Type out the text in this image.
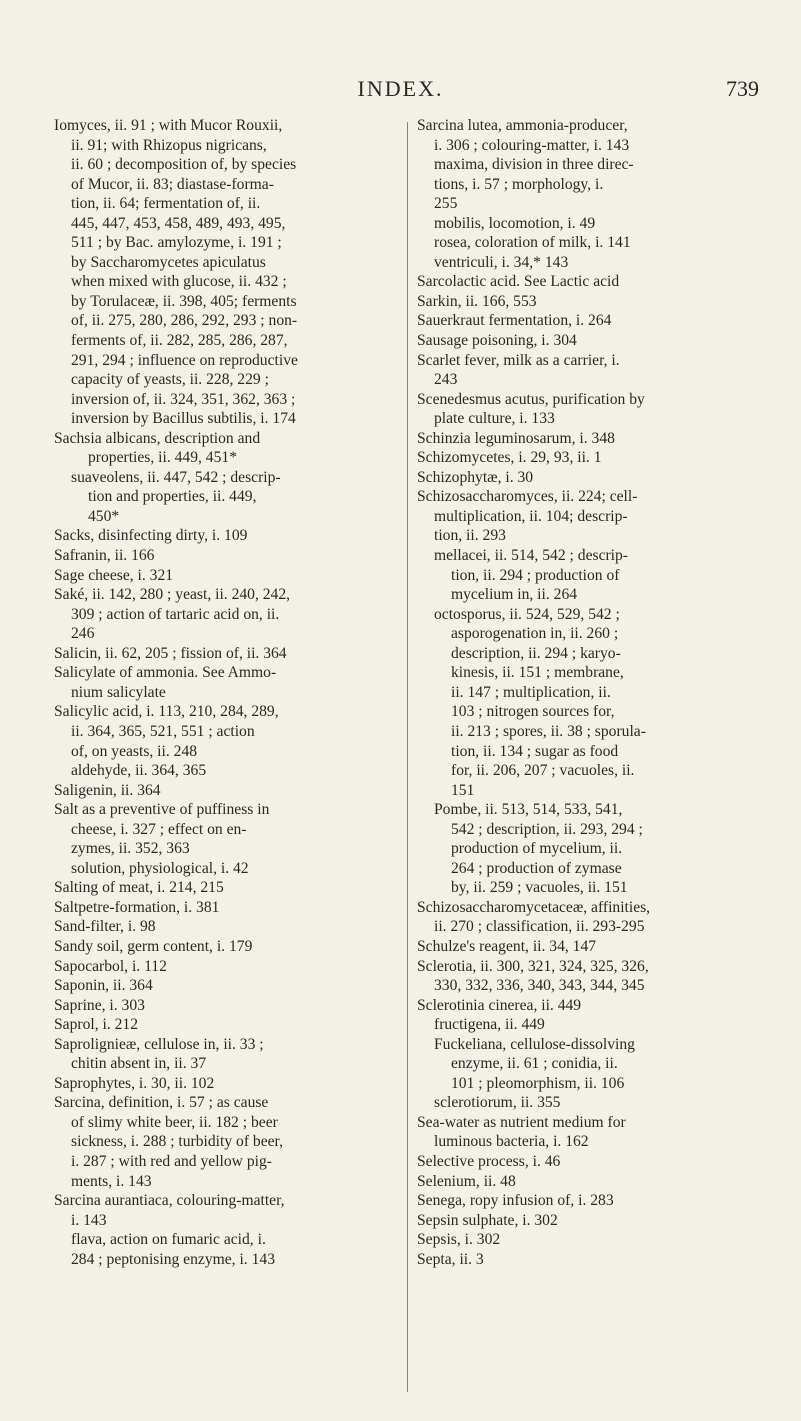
INDEX.	739
Iomyces, ii. 91 ; with Mucor Rouxii,
ii. 91; with Rhizopus nigricans,
ii. 60 ; decomposition of, by species
of Mucor, ii. 83; diastase-forma-
tion, ii. 64; fermentation of, ii.
445, 447, 453, 458, 489, 493, 495,
511 ; by Bac. amylozyme, i. 191 ;
by Saccharomycetes apiculatus
when mixed with glucose, ii. 432 ;
by Torulaceæ, ii. 398, 405; ferments
of, ii. 275, 280, 286, 292, 293 ; non-
ferments of, ii. 282, 285, 286, 287,
291, 294 ; influence on reproductive
capacity of yeasts, ii. 228, 229 ;
inversion of, ii. 324, 351, 362, 363 ;
inversion by Bacillus subtilis, i. 174
Sachsia albicans, description and
properties, ii. 449, 451*
suaveolens, ii. 447, 542 ; descrip-
tion and properties, ii. 449,
450*
Sacks, disinfecting dirty, i. 109
Safranin, ii. 166
Sage cheese, i. 321
Saké, ii. 142, 280 ; yeast, ii. 240, 242,
309 ; action of tartaric acid on, ii.
246
Salicin, ii. 62, 205 ; fission of, ii. 364
Salicylate of ammonia. See Ammo-
nium salicylate
Salicylic acid, i. 113, 210, 284, 289,
ii. 364, 365, 521, 551 ; action
of, on yeasts, ii. 248
aldehyde, ii. 364, 365
Saligenin, ii. 364
Salt as a preventive of puffiness in
cheese, i. 327 ; effect on en-
zymes, ii. 352, 363
solution, physiological, i. 42
Salting of meat, i. 214, 215
Saltpetre-formation, i. 381
Sand-filter, i. 98
Sandy soil, germ content, i. 179
Sapocarbol, i. 112
Saponin, ii. 364
Saprine, i. 303
Saprol, i. 212
Saprolignieæ, cellulose in, ii. 33 ;
chitin absent in, ii. 37
Saprophytes, i. 30, ii. 102
Sarcina, definition, i. 57 ; as cause
of slimy white beer, ii. 182 ; beer
sickness, i. 288 ; turbidity of beer,
i. 287 ; with red and yellow pig-
ments, i. 143
Sarcina aurantiaca, colouring-matter,
i. 143
flava, action on fumaric acid, i.
284 ; peptonising enzyme, i. 143
Sarcina lutea, ammonia-producer,
i. 306 ; colouring-matter, i. 143
maxima, division in three direc-
tions, i. 57 ; morphology, i.
255
mobilis, locomotion, i. 49
rosea, coloration of milk, i. 141
ventriculi, i. 34,* 143
Sarcolactic acid. See Lactic acid
Sarkin, ii. 166, 553
Sauerkraut fermentation, i. 264
Sausage poisoning, i. 304
Scarlet fever, milk as a carrier, i.
243
Scenedesmus acutus, purification by
plate culture, i. 133
Schinzia leguminosarum, i. 348
Schizomycetes, i. 29, 93, ii. 1
Schizophytæ, i. 30
Schizosaccharomyces, ii. 224; cell-
multiplication, ii. 104; descrip-
tion, ii. 293
mellacei, ii. 514, 542 ; descrip-
tion, ii. 294 ; production of
mycelium in, ii. 264
octosporus, ii. 524, 529, 542 ;
asporogenation in, ii. 260 ;
description, ii. 294 ; karyo-
kinesis, ii. 151 ; membrane,
ii. 147 ; multiplication, ii.
103 ; nitrogen sources for,
ii. 213 ; spores, ii. 38 ; sporula-
tion, ii. 134 ; sugar as food
for, ii. 206, 207 ; vacuoles, ii.
151
Pombe, ii. 513, 514, 533, 541,
542 ; description, ii. 293, 294 ;
production of mycelium, ii.
264 ; production of zymase
by, ii. 259 ; vacuoles, ii. 151
Schizosaccharomycetaceæ, affinities,
ii. 270 ; classification, ii. 293-295
Schulze's reagent, ii. 34, 147
Sclerotia, ii. 300, 321, 324, 325, 326,
330, 332, 336, 340, 343, 344, 345
Sclerotinia cinerea, ii. 449
fructigena, ii. 449
Fuckeliana, cellulose-dissolving
enzyme, ii. 61 ; conidia, ii.
101 ; pleomorphism, ii. 106
sclerotiorum, ii. 355
Sea-water as nutrient medium for
luminous bacteria, i. 162
Selective process, i. 46
Selenium, ii. 48
Senega, ropy infusion of, i. 283
Sepsin sulphate, i. 302
Sepsis, i. 302
Septa, ii. 3
